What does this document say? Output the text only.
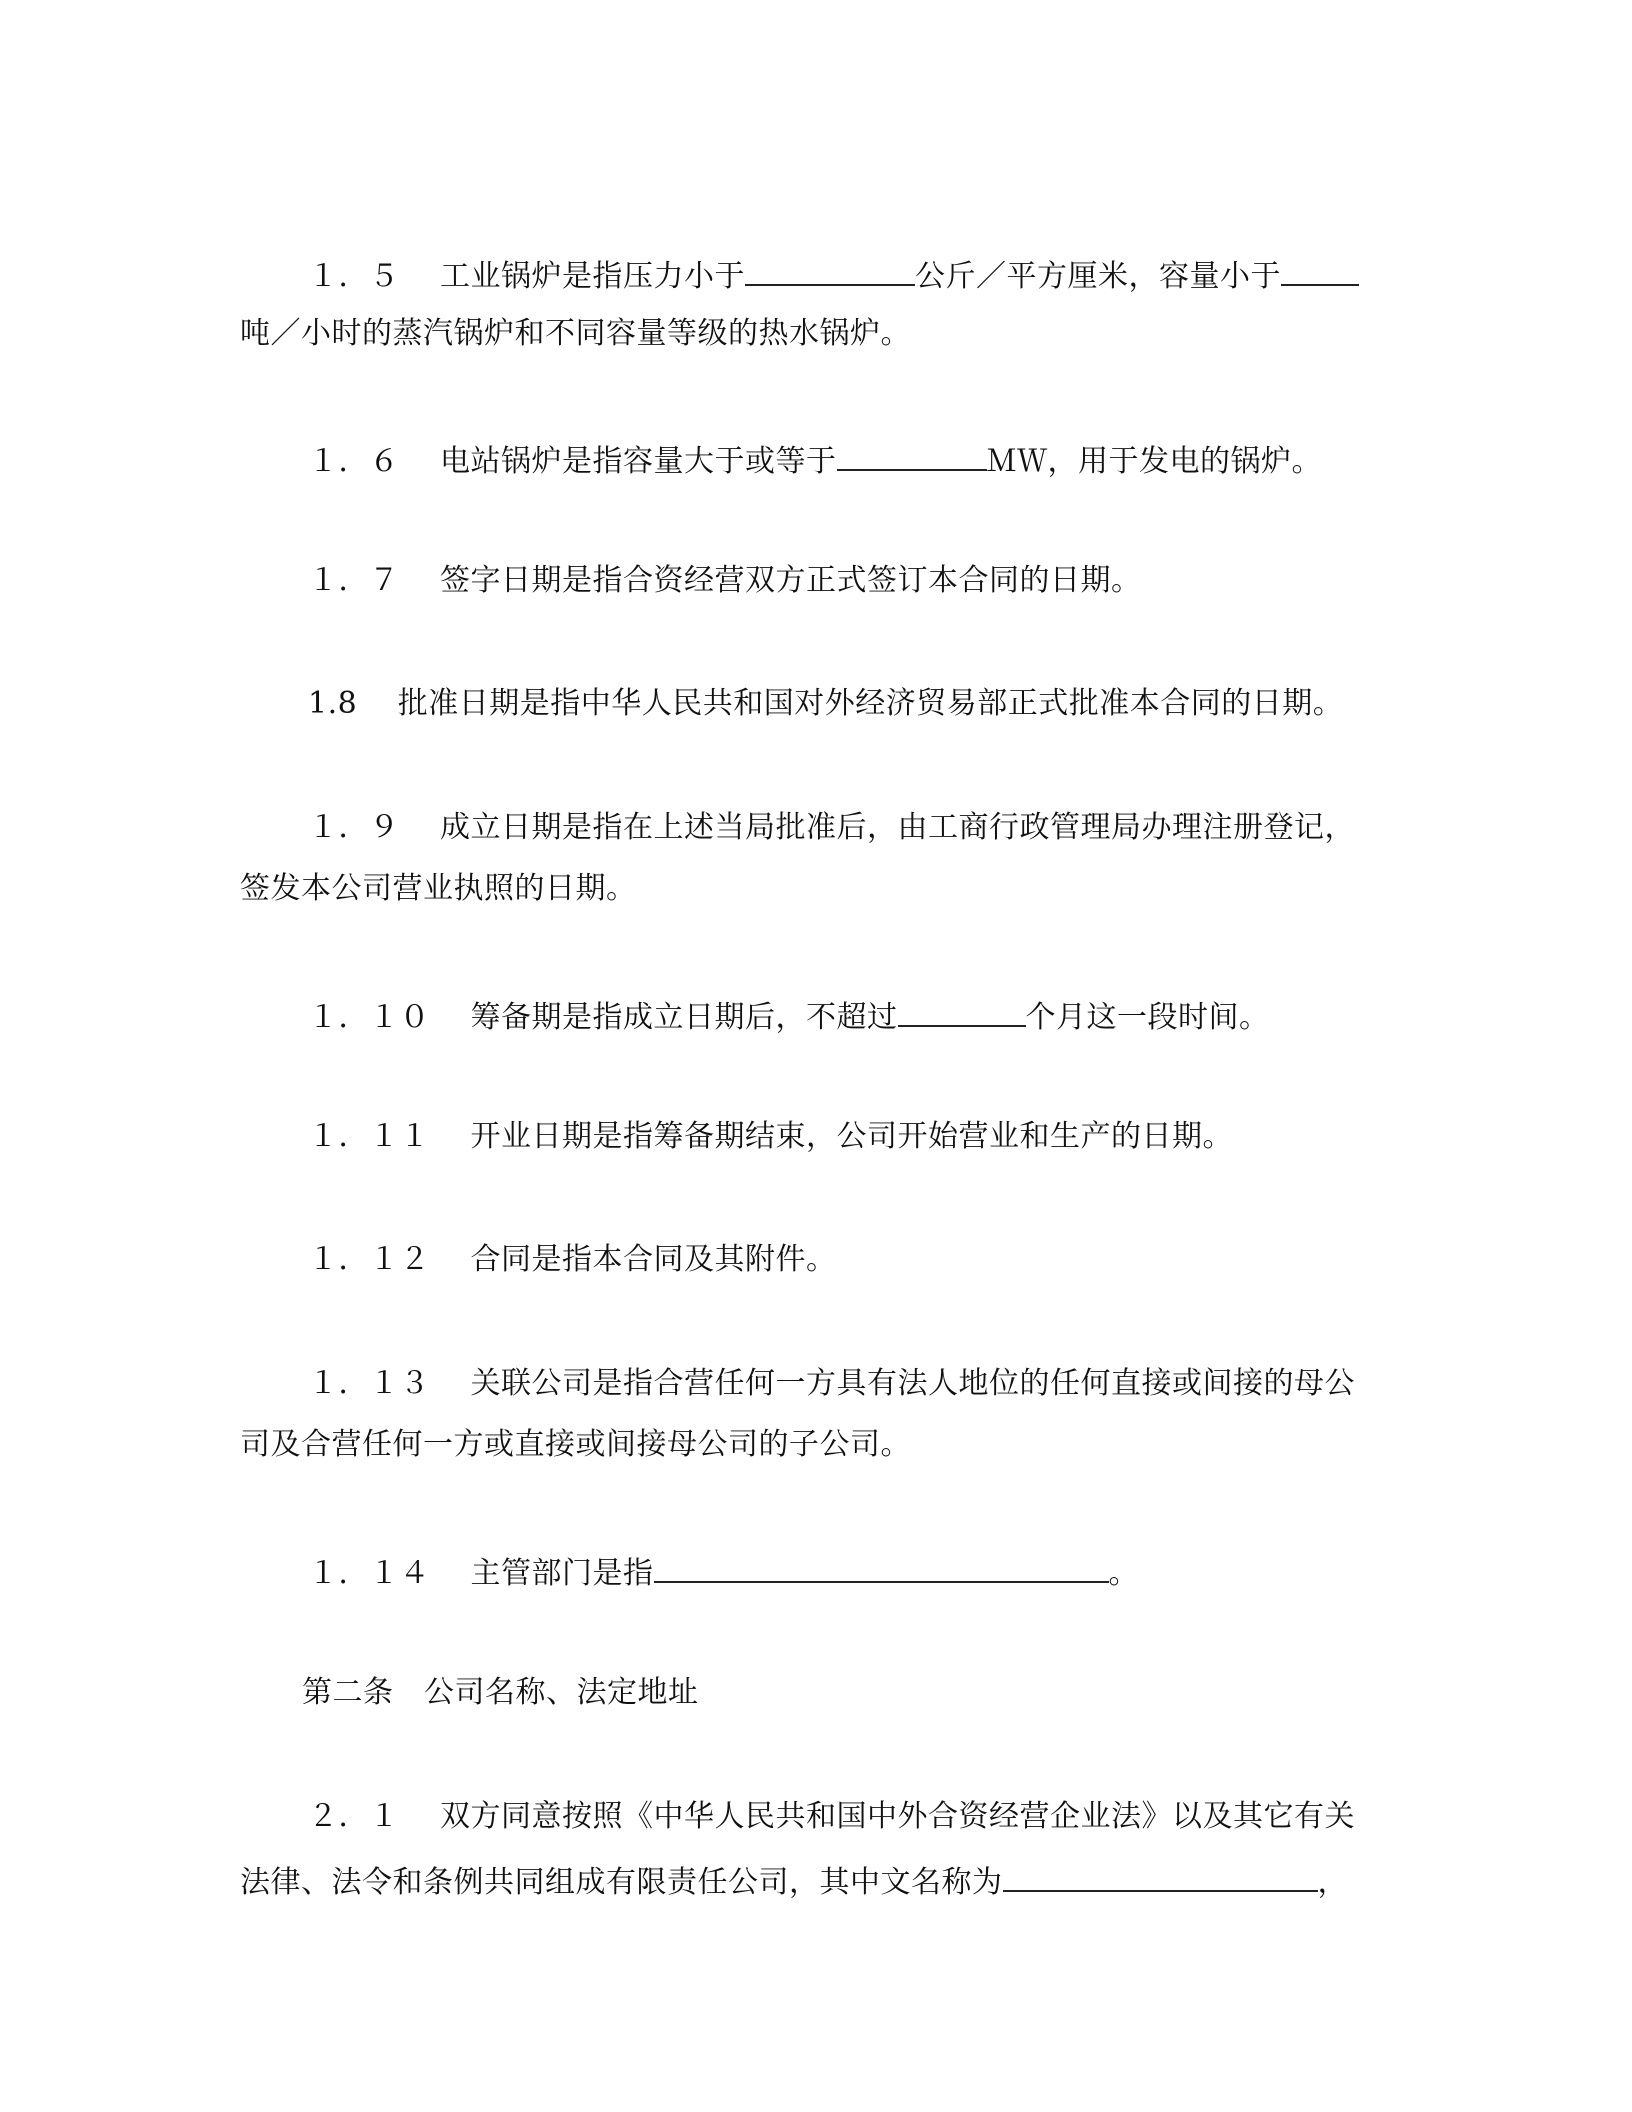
１．５　 工业锅炉是指压力小于	公斤／平方厘米，容量小于
吨／小时的蒸汽锅炉和不同容量等级的热水锅炉。
１．６　 电站锅炉是指容量大于或等于	ＭＷ，用于发电的锅炉。
１．７　 签字日期是指合资经营双方正式签订本合同的日期。
1.8　 批准日期是指中华人民共和国对外经济贸易部正式批准本合同的日期。
１．９　 成立日期是指在上述当局批准后，由工商行政管理局办理注册登记，
签发本公司营业执照的日期。
１．１０　 筹备期是指成立日期后，不超过	个月这一段时间。
１．１１　 开业日期是指筹备期结束，公司开始营业和生产的日期。
１．１２　 合同是指本合同及其附件。
１．１３　 关联公司是指合营任何一方具有法人地位的任何直接或间接的母公
司及合营任何一方或直接或间接母公司的子公司。
１．１４　 主管部门是指	。
第二条　公司名称、法定地址
２．１　 双方同意按照《中华人民共和国中外合资经营企业法》以及其它有关
法律、法令和条例共同组成有限责任公司，其中文名称为	，
